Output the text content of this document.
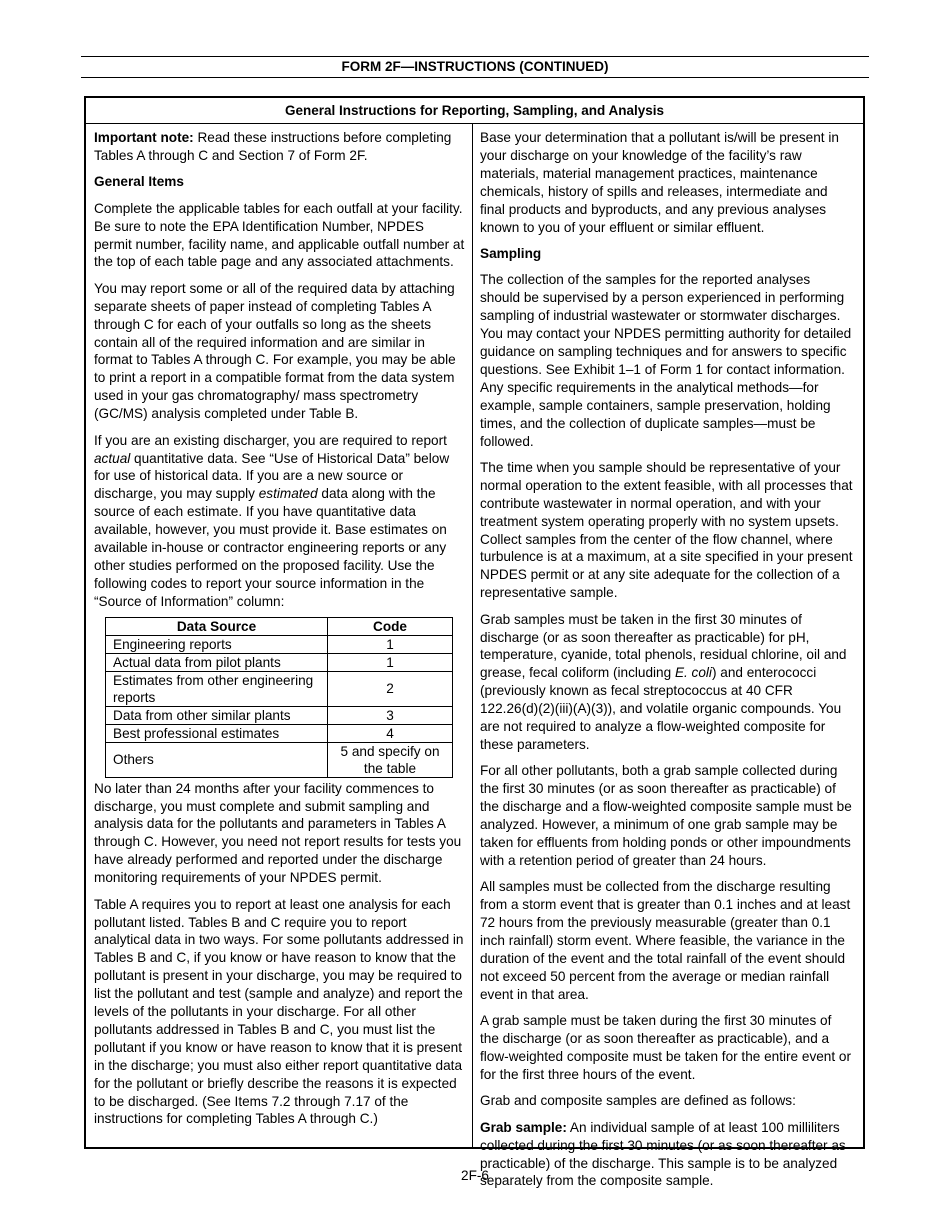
FORM 2F—INSTRUCTIONS (CONTINUED)
General Instructions for Reporting, Sampling, and Analysis

Important note: Read these instructions before completing Tables A through C and Section 7 of Form 2F.

General Items

Complete the applicable tables for each outfall at your facility. Be sure to note the EPA Identification Number, NPDES permit number, facility name, and applicable outfall number at the top of each table page and any associated attachments.

You may report some or all of the required data by attaching separate sheets of paper instead of completing Tables A through C for each of your outfalls so long as the sheets contain all of the required information and are similar in format to Tables A through C. For example, you may be able to print a report in a compatible format from the data system used in your gas chromatography/ mass spectrometry (GC/MS) analysis completed under Table B.

If you are an existing discharger, you are required to report actual quantitative data. See “Use of Historical Data” below for use of historical data. If you are a new source or discharge, you may supply estimated data along with the source of each estimate. If you have quantitative data available, however, you must provide it. Base estimates on available in-house or contractor engineering reports or any other studies performed on the proposed facility. Use the following codes to report your source information in the “Source of Information” column:

Data Source	Code
Engineering reports	1
Actual data from pilot plants	1
Estimates from other engineering reports	2
Data from other similar plants	3
Best professional estimates	4
Others	5 and specify on the table

No later than 24 months after your facility commences to discharge, you must complete and submit sampling and analysis data for the pollutants and parameters in Tables A through C. However, you need not report results for tests you have already performed and reported under the discharge monitoring requirements of your NPDES permit.

Table A requires you to report at least one analysis for each pollutant listed. Tables B and C require you to report analytical data in two ways. For some pollutants addressed in Tables B and C, if you know or have reason to know that the pollutant is present in your discharge, you may be required to list the pollutant and test (sample and analyze) and report the levels of the pollutants in your discharge. For all other pollutants addressed in Tables B and C, you must list the pollutant if you know or have reason to know that it is present in the discharge; you must also either report quantitative data for the pollutant or briefly describe the reasons it is expected to be discharged. (See Items 7.2 through 7.17 of the instructions for completing Tables A through C.)

Base your determination that a pollutant is/will be present in your discharge on your knowledge of the facility’s raw materials, material management practices, maintenance chemicals, history of spills and releases, intermediate and final products and byproducts, and any previous analyses known to you of your effluent or similar effluent.

Sampling

The collection of the samples for the reported analyses should be supervised by a person experienced in performing sampling of industrial wastewater or stormwater discharges. You may contact your NPDES permitting authority for detailed guidance on sampling techniques and for answers to specific questions. See Exhibit 1–1 of Form 1 for contact information. Any specific requirements in the analytical methods—for example, sample containers, sample preservation, holding times, and the collection of duplicate samples—must be followed.

The time when you sample should be representative of your normal operation to the extent feasible, with all processes that contribute wastewater in normal operation, and with your treatment system operating properly with no system upsets. Collect samples from the center of the flow channel, where turbulence is at a maximum, at a site specified in your present NPDES permit or at any site adequate for the collection of a representative sample.

Grab samples must be taken in the first 30 minutes of discharge (or as soon thereafter as practicable) for pH, temperature, cyanide, total phenols, residual chlorine, oil and grease, fecal coliform (including E. coli) and enterococci (previously known as fecal streptococcus at 40 CFR 122.26(d)(2)(iii)(A)(3)), and volatile organic compounds. You are not required to analyze a flow-weighted composite for these parameters.

For all other pollutants, both a grab sample collected during the first 30 minutes (or as soon thereafter as practicable) of the discharge and a flow-weighted composite sample must be analyzed. However, a minimum of one grab sample may be taken for effluents from holding ponds or other impoundments with a retention period of greater than 24 hours.

All samples must be collected from the discharge resulting from a storm event that is greater than 0.1 inches and at least 72 hours from the previously measurable (greater than 0.1 inch rainfall) storm event. Where feasible, the variance in the duration of the event and the total rainfall of the event should not exceed 50 percent from the average or median rainfall event in that area.

A grab sample must be taken during the first 30 minutes of the discharge (or as soon thereafter as practicable), and a flow-weighted composite must be taken for the entire event or for the first three hours of the event.

Grab and composite samples are defined as follows:

Grab sample: An individual sample of at least 100 milliliters collected during the first 30 minutes (or as soon thereafter as practicable) of the discharge. This sample is to be analyzed separately from the composite sample.

2F-6
